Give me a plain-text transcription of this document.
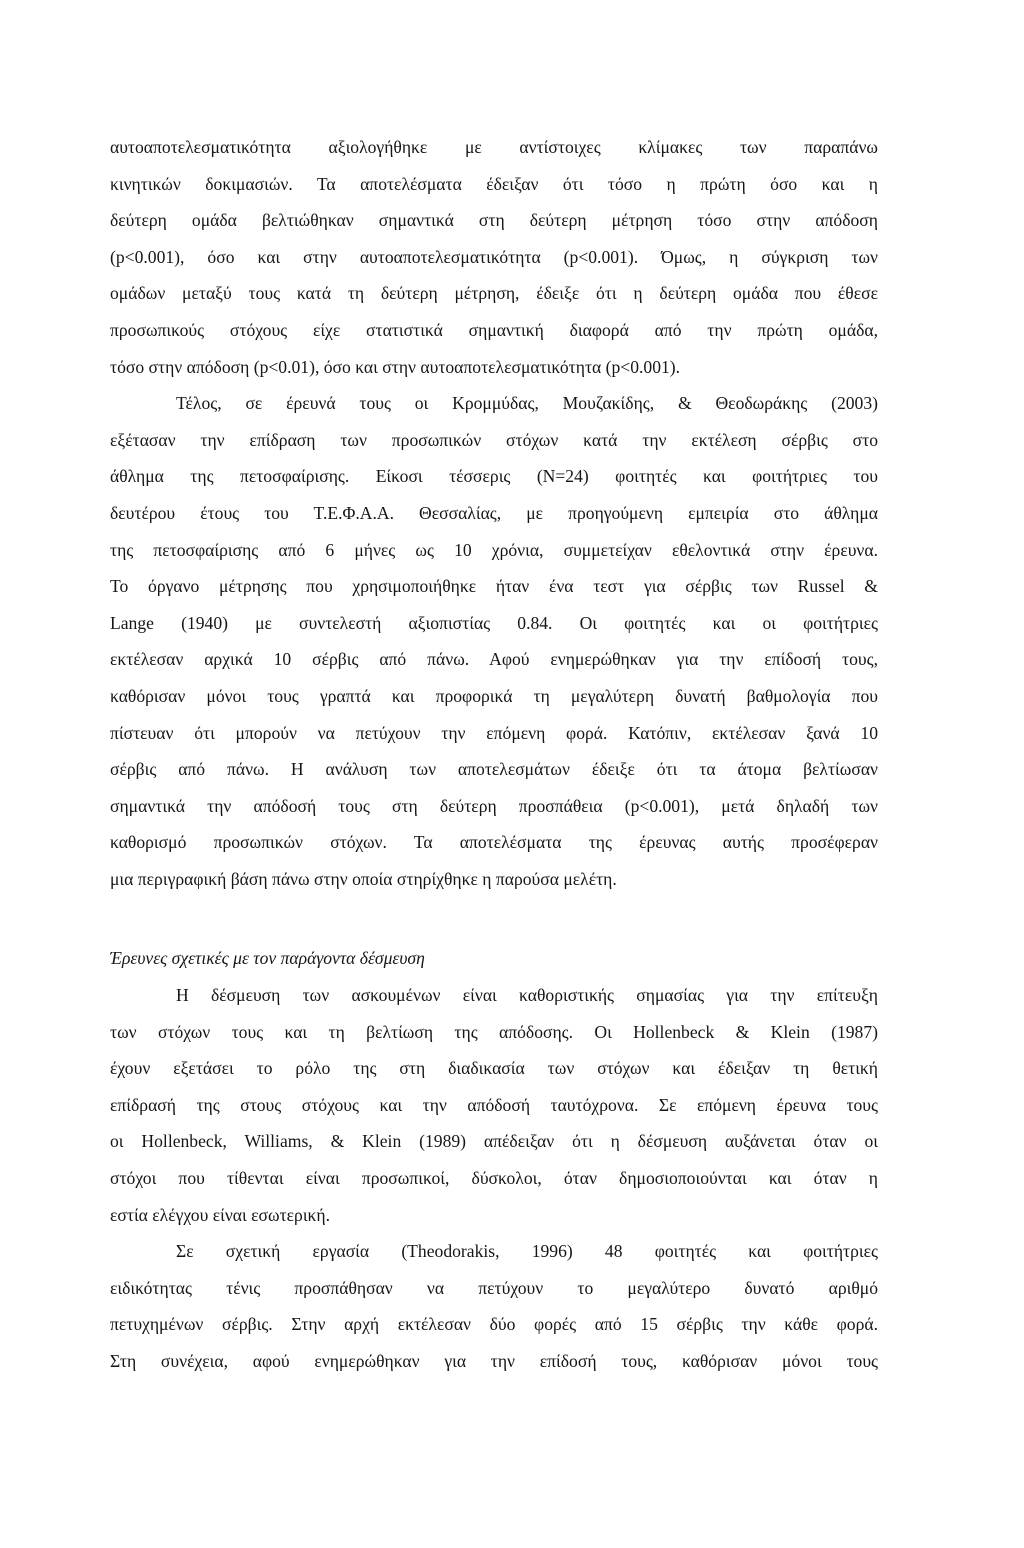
αυτοαποτελεσματικότητα αξιολογήθηκε με αντίστοιχες κλίμακες των παραπάνω
κινητικών δοκιμασιών. Τα αποτελέσματα έδειξαν ότι τόσο η πρώτη όσο και η
δεύτερη ομάδα βελτιώθηκαν σημαντικά στη δεύτερη μέτρηση τόσο στην απόδοση
(p<0.001), όσο και στην αυτοαποτελεσματικότητα (p<0.001). Όμως, η σύγκριση των
ομάδων μεταξύ τους κατά τη δεύτερη μέτρηση, έδειξε ότι η δεύτερη ομάδα που έθεσε
προσωπικούς στόχους είχε στατιστικά σημαντική διαφορά από την πρώτη ομάδα,
τόσο στην απόδοση (p<0.01), όσο και στην αυτοαποτελεσματικότητα (p<0.001).
Τέλος, σε έρευνά τους οι Κρομμύδας, Μουζακίδης, & Θεοδωράκης (2003)
εξέτασαν την επίδραση των προσωπικών στόχων κατά την εκτέλεση σέρβις στο
άθλημα της πετοσφαίρισης. Είκοσι τέσσερις (N=24) φοιτητές και φοιτήτριες του
δευτέρου έτους του Τ.Ε.Φ.Α.Α. Θεσσαλίας, με προηγούμενη εμπειρία στο άθλημα
της πετοσφαίρισης από 6 μήνες ως 10 χρόνια, συμμετείχαν εθελοντικά στην έρευνα.
Το όργανο μέτρησης που χρησιμοποιήθηκε ήταν ένα τεστ για σέρβις των Russel &
Lange (1940) με συντελεστή αξιοπιστίας 0.84. Οι φοιτητές και οι φοιτήτριες
εκτέλεσαν αρχικά 10 σέρβις από πάνω. Αφού ενημερώθηκαν για την επίδοσή τους,
καθόρισαν μόνοι τους γραπτά και προφορικά τη μεγαλύτερη δυνατή βαθμολογία που
πίστευαν ότι μπορούν να πετύχουν την επόμενη φορά. Κατόπιν, εκτέλεσαν ξανά 10
σέρβις από πάνω. Η ανάλυση των αποτελεσμάτων έδειξε ότι τα άτομα βελτίωσαν
σημαντικά την απόδοσή τους στη δεύτερη προσπάθεια (p<0.001), μετά δηλαδή των
καθορισμό προσωπικών στόχων. Τα αποτελέσματα της έρευνας αυτής προσέφεραν
μια περιγραφική βάση πάνω στην οποία στηρίχθηκε η παρούσα μελέτη.
Έρευνες σχετικές με τον παράγοντα δέσμευση
Η δέσμευση των ασκουμένων είναι καθοριστικής σημασίας για την επίτευξη
των στόχων τους και τη βελτίωση της απόδοσης. Οι Hollenbeck & Klein (1987)
έχουν εξετάσει το ρόλο της στη διαδικασία των στόχων και έδειξαν τη θετική
επίδρασή της στους στόχους και την απόδοσή ταυτόχρονα. Σε επόμενη έρευνα τους
οι Hollenbeck, Williams, & Klein (1989) απέδειξαν ότι η δέσμευση αυξάνεται όταν οι
στόχοι που τίθενται είναι προσωπικοί, δύσκολοι, όταν δημοσιοποιούνται και όταν η
εστία ελέγχου είναι εσωτερική.
Σε σχετική εργασία (Theodorakis, 1996) 48 φοιτητές και φοιτήτριες
ειδικότητας τένις προσπάθησαν να πετύχουν το μεγαλύτερο δυνατό αριθμό
πετυχημένων σέρβις. Στην αρχή εκτέλεσαν δύο φορές από 15 σέρβις την κάθε φορά.
Στη συνέχεια, αφού ενημερώθηκαν για την επίδοσή τους, καθόρισαν μόνοι τους
